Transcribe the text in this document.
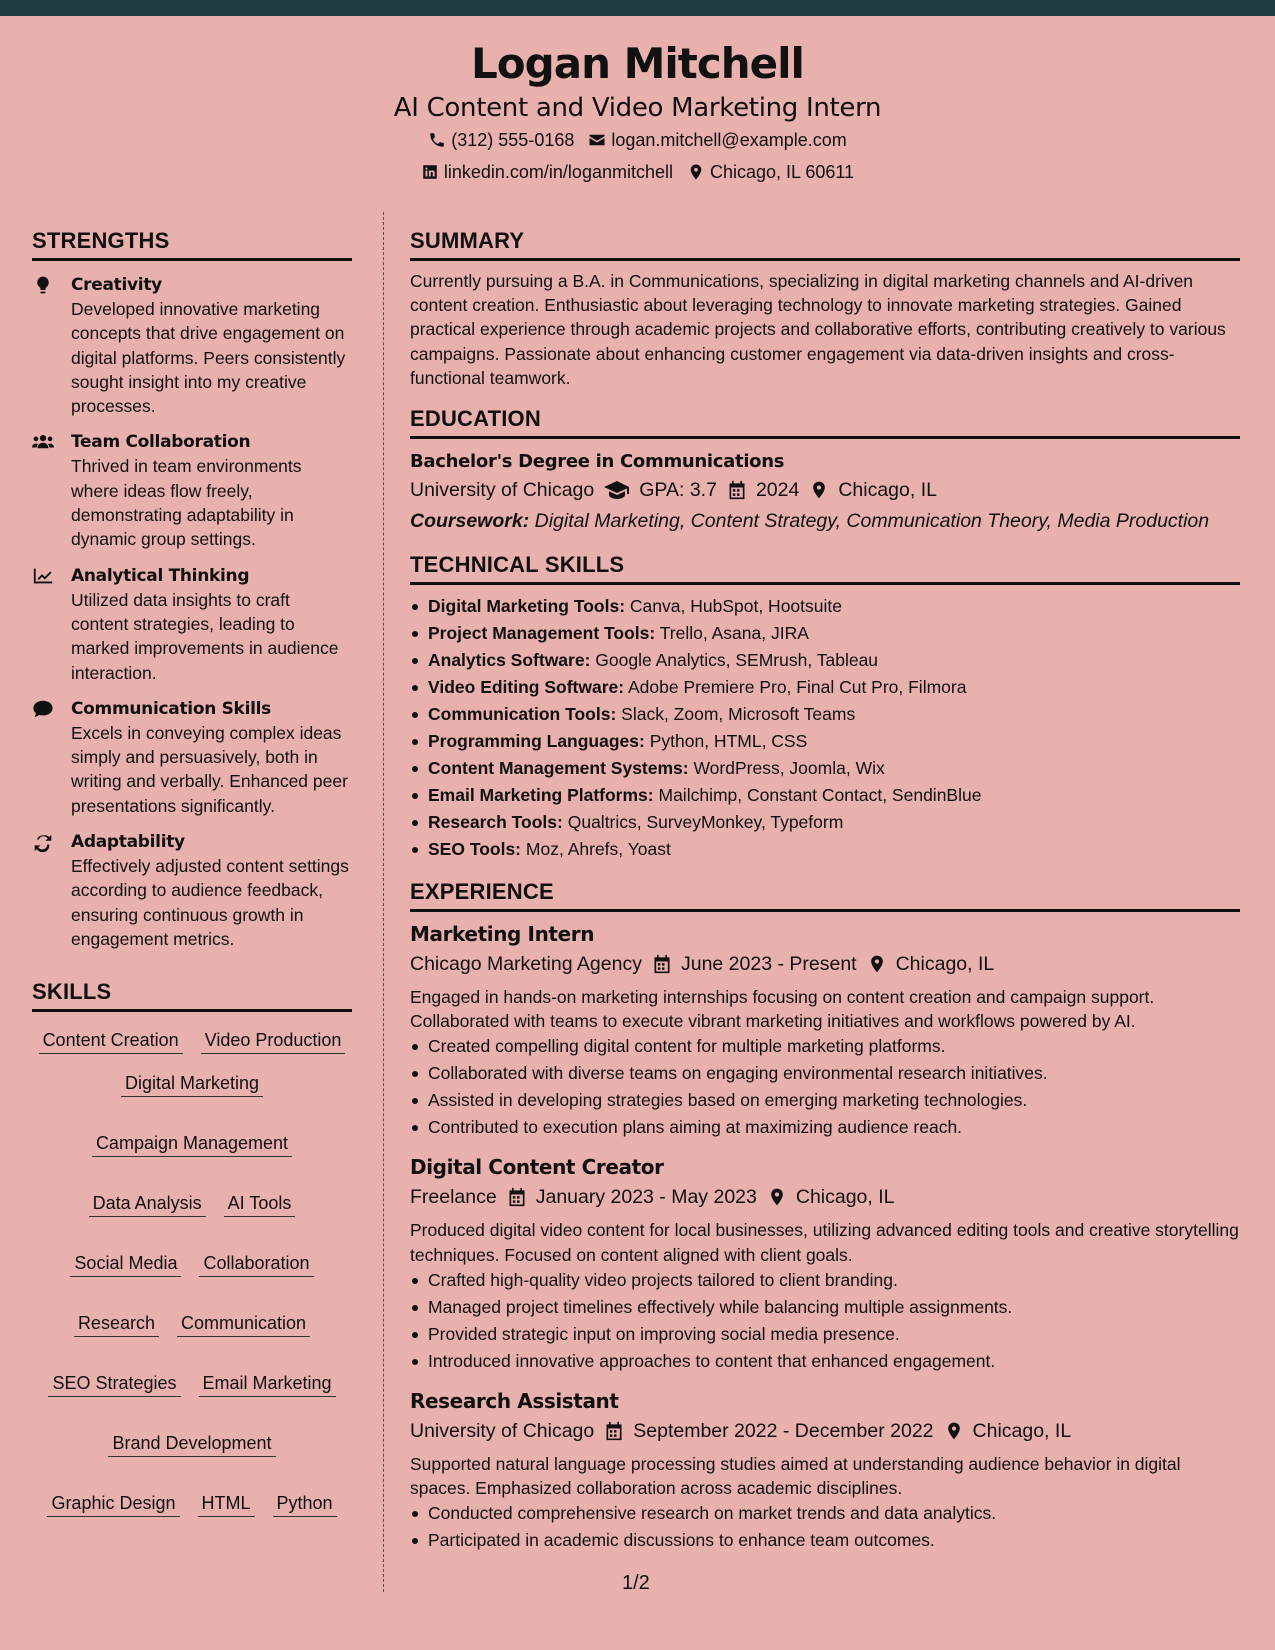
Logan Mitchell
AI Content and Video Marketing Intern
(312) 555-0168 logan.mitchell@example.com
linkedin.com/in/loganmitchell Chicago, IL 60611
STRENGTHS
Creativity
Developed innovative marketing concepts that drive engagement on digital platforms. Peers consistently sought insight into my creative processes.
Team Collaboration
Thrived in team environments where ideas flow freely, demonstrating adaptability in dynamic group settings.
Analytical Thinking
Utilized data insights to craft content strategies, leading to marked improvements in audience interaction.
Communication Skills
Excels in conveying complex ideas simply and persuasively, both in writing and verbally. Enhanced peer presentations significantly.
Adaptability
Effectively adjusted content settings according to audience feedback, ensuring continuous growth in engagement metrics.
SKILLS
Content Creation Video Production
Digital Marketing
Campaign Management
Data Analysis AI Tools
Social Media Collaboration
Research Communication
SEO Strategies Email Marketing
Brand Development
Graphic Design HTML Python
SUMMARY

Currently pursuing a B.A. in Communications, specializing in digital marketing channels and AI-driven content creation. Enthusiastic about leveraging technology to innovate marketing strategies. Gained practical experience through academic projects and collaborative efforts, contributing creatively to various campaigns. Passionate about enhancing customer engagement via data-driven insights and cross-functional teamwork.

EDUCATION
Bachelor's Degree in Communications
University of Chicago GPA: 3.7 2024 Chicago, IL
Coursework: Digital Marketing, Content Strategy, Communication Theory, Media Production
TECHNICAL SKILLS
Digital Marketing Tools: Canva, HubSpot, Hootsuite
Project Management Tools: Trello, Asana, JIRA
Analytics Software: Google Analytics, SEMrush, Tableau
Video Editing Software: Adobe Premiere Pro, Final Cut Pro, Filmora
Communication Tools: Slack, Zoom, Microsoft Teams
Programming Languages: Python, HTML, CSS
Content Management Systems: WordPress, Joomla, Wix
Email Marketing Platforms: Mailchimp, Constant Contact, SendinBlue
Research Tools: Qualtrics, SurveyMonkey, Typeform
SEO Tools: Moz, Ahrefs, Yoast
EXPERIENCE
Marketing Intern
Chicago Marketing Agency June 2023 - Present Chicago, IL

Engaged in hands-on marketing internships focusing on content creation and campaign support. Collaborated with teams to execute vibrant marketing initiatives and workflows powered by AI.

Created compelling digital content for multiple marketing platforms.
Collaborated with diverse teams on engaging environmental research initiatives.
Assisted in developing strategies based on emerging marketing technologies.
Contributed to execution plans aiming at maximizing audience reach.
Digital Content Creator
Freelance January 2023 - May 2023 Chicago, IL

Produced digital video content for local businesses, utilizing advanced editing tools and creative storytelling techniques. Focused on content aligned with client goals.

Crafted high-quality video projects tailored to client branding.
Managed project timelines effectively while balancing multiple assignments.
Provided strategic input on improving social media presence.
Introduced innovative approaches to content that enhanced engagement.
Research Assistant
University of Chicago September 2022 - December 2022 Chicago, IL

Supported natural language processing studies aimed at understanding audience behavior in digital spaces. Emphasized collaboration across academic disciplines.

Conducted comprehensive research on market trends and data analytics.
Participated in academic discussions to enhance team outcomes.
1/2
